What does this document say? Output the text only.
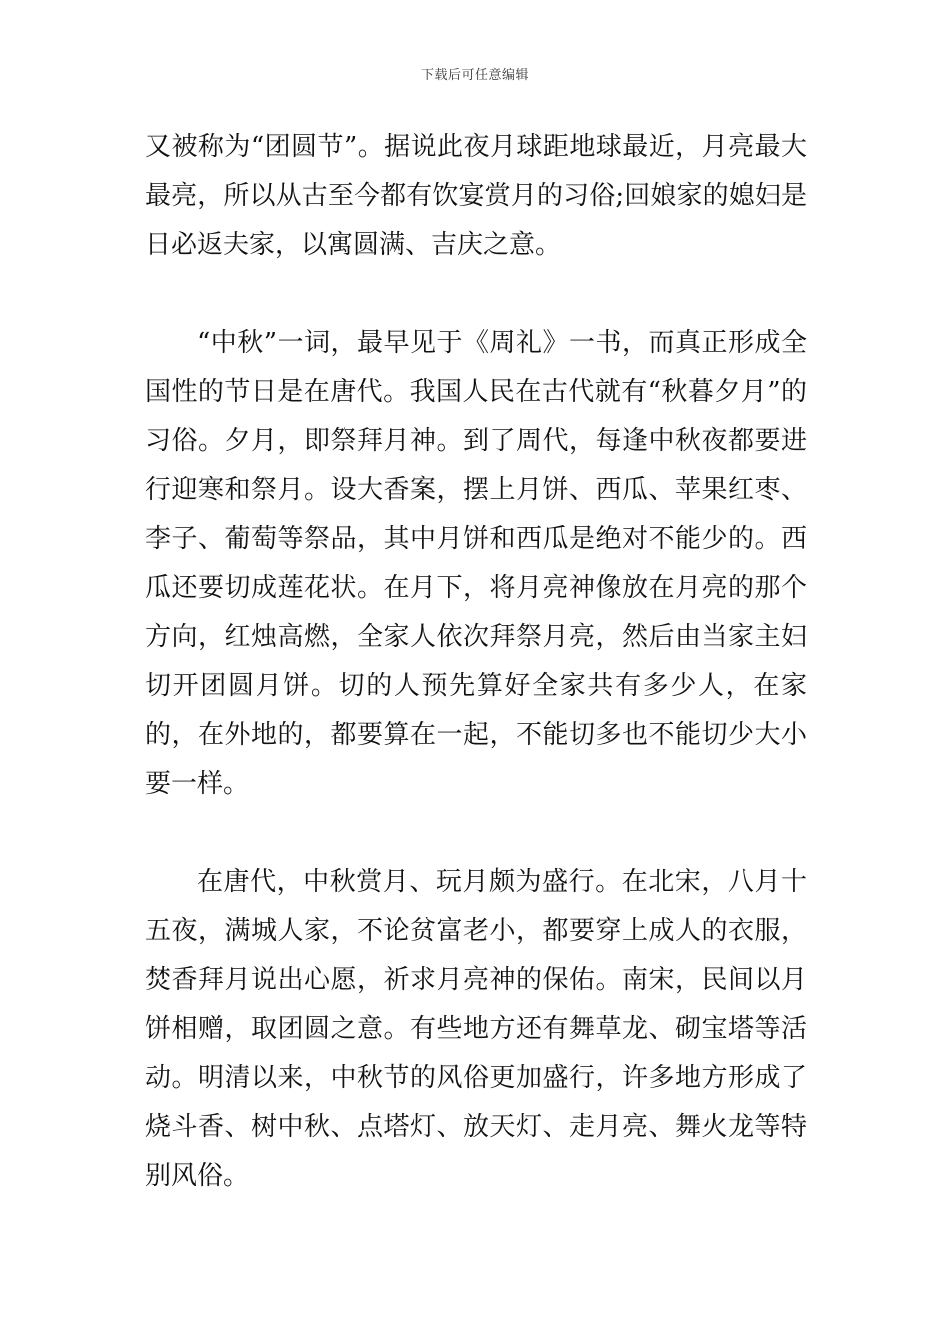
下载后可任意编辑

又被称为“团圆节”。据说此夜月球距地球最近，月亮最大最亮，所以从古至今都有饮宴赏月的习俗;回娘家的媳妇是日必返夫家，以寓圆满、吉庆之意。

“中秋”一词，最早见于《周礼》一书，而真正形成全国性的节日是在唐代。我国人民在古代就有“秋暮夕月”的习俗。夕月，即祭拜月神。到了周代，每逢中秋夜都要进行迎寒和祭月。设大香案，摆上月饼、西瓜、苹果红枣、李子、葡萄等祭品，其中月饼和西瓜是绝对不能少的。西瓜还要切成莲花状。在月下，将月亮神像放在月亮的那个方向，红烛高燃，全家人依次拜祭月亮，然后由当家主妇切开团圆月饼。切的人预先算好全家共有多少人，在家的，在外地的，都要算在一起，不能切多也不能切少大小要一样。

在唐代，中秋赏月、玩月颇为盛行。在北宋，八月十五夜，满城人家，不论贫富老小，都要穿上成人的衣服，焚香拜月说出心愿，祈求月亮神的保佑。南宋，民间以月饼相赠，取团圆之意。有些地方还有舞草龙、砌宝塔等活动。明清以来，中秋节的风俗更加盛行，许多地方形成了烧斗香、树中秋、点塔灯、放天灯、走月亮、舞火龙等特别风俗。
